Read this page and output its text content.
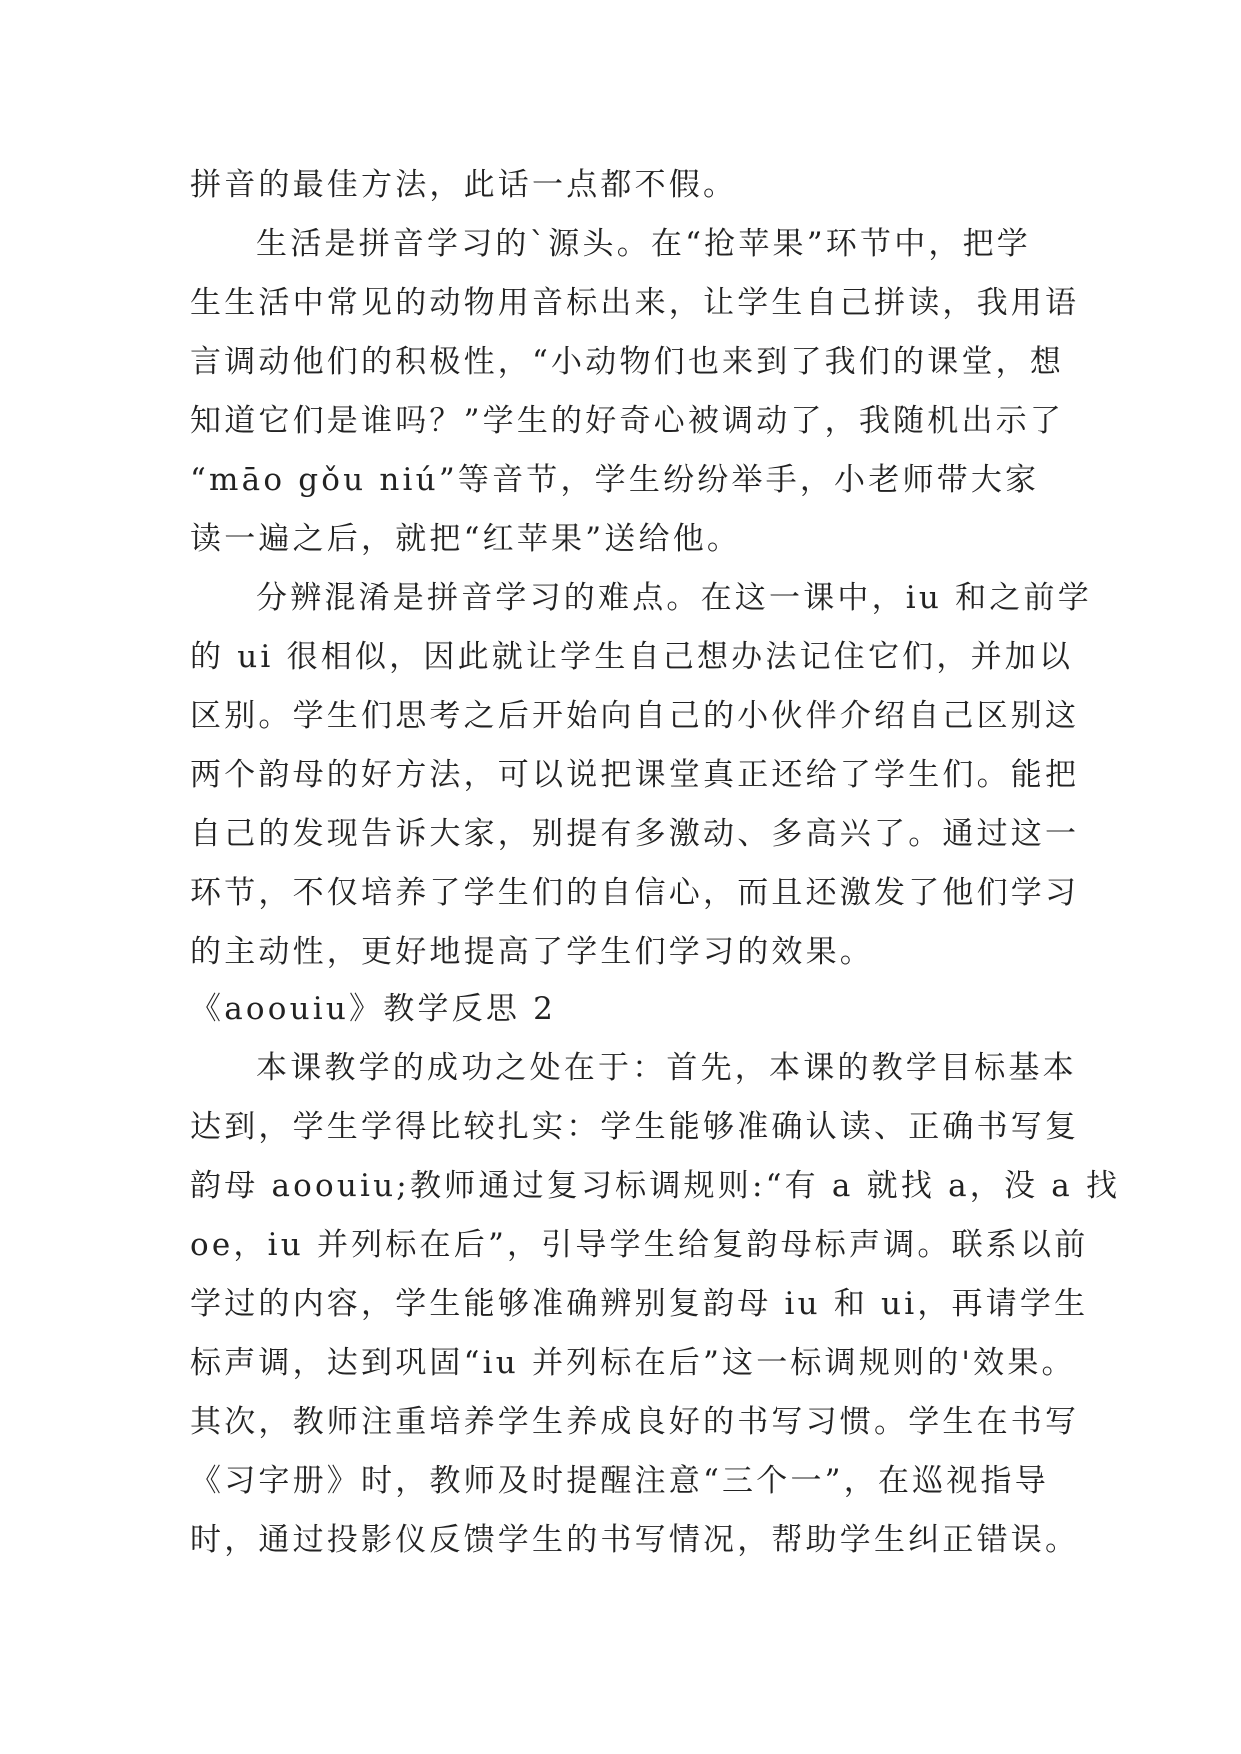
拼音的最佳方法，此话一点都不假。
生活是拼音学习的`源头。在“抢苹果”环节中，把学
生生活中常见的动物用音标出来，让学生自己拼读，我用语
言调动他们的积极性，“小动物们也来到了我们的课堂，想
知道它们是谁吗？”学生的好奇心被调动了，我随机出示了
“māo gǒu niú”等音节，学生纷纷举手，小老师带大家
读一遍之后，就把“红苹果”送给他。
分辨混淆是拼音学习的难点。在这一课中，iu 和之前学
的 ui 很相似，因此就让学生自己想办法记住它们，并加以
区别。学生们思考之后开始向自己的小伙伴介绍自己区别这
两个韵母的好方法，可以说把课堂真正还给了学生们。能把
自己的发现告诉大家，别提有多激动、多高兴了。通过这一
环节，不仅培养了学生们的自信心，而且还激发了他们学习
的主动性，更好地提高了学生们学习的效果。
《aoouiu》教学反思 2
本课教学的成功之处在于：首先，本课的教学目标基本
达到，学生学得比较扎实：学生能够准确认读、正确书写复
韵母 aoouiu;教师通过复习标调规则:“有 a 就找 a，没 a 找
oe，iu 并列标在后”，引导学生给复韵母标声调。联系以前
学过的内容，学生能够准确辨别复韵母 iu 和 ui，再请学生
标声调，达到巩固“iu 并列标在后”这一标调规则的'效果。
其次，教师注重培养学生养成良好的书写习惯。学生在书写
《习字册》时，教师及时提醒注意“三个一”，在巡视指导
时，通过投影仪反馈学生的书写情况，帮助学生纠正错误。
